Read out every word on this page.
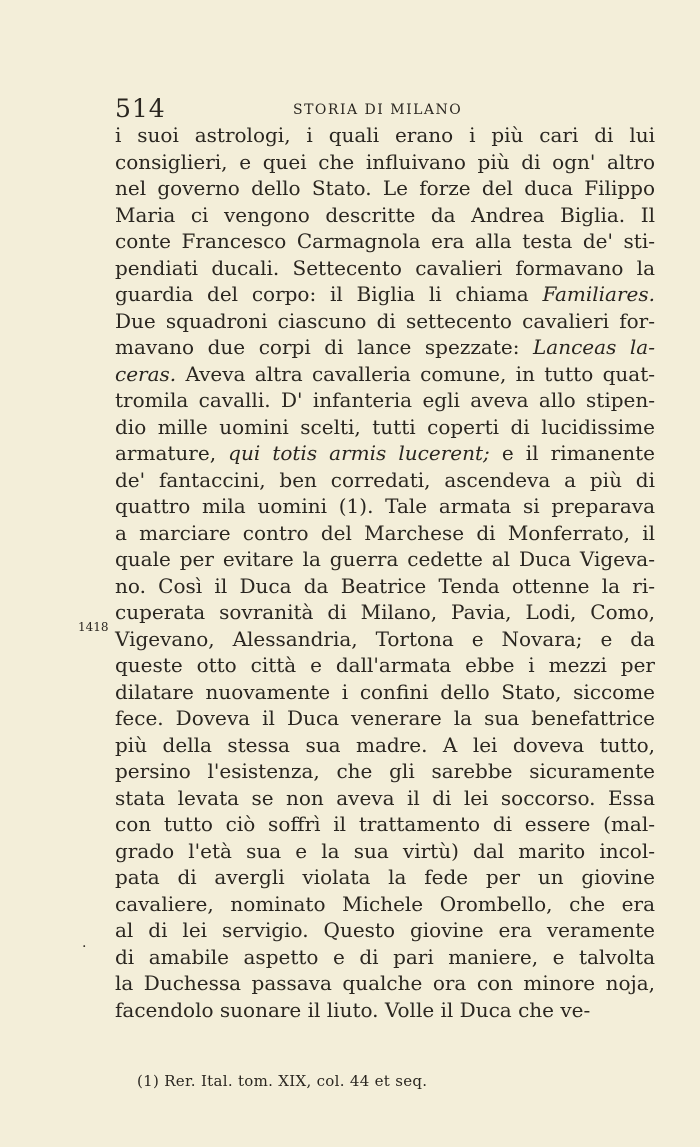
514	STORIA DI MILANO
1418
.
i suoi astrologi, i quali erano i più cari di lui
consiglieri, e quei che influivano più di ogn' altro
nel governo dello Stato. Le forze del duca Filippo
Maria ci vengono descritte da Andrea Biglia. Il
conte Francesco Carmagnola era alla testa de' sti-
pendiati ducali. Settecento cavalieri formavano la
guardia del corpo: il Biglia li chiama Familiares.
Due squadroni ciascuno di settecento cavalieri for-
mavano due corpi di lance spezzate: Lanceas la-
ceras. Aveva altra cavalleria comune, in tutto quat-
tromila cavalli. D' infanteria egli aveva allo stipen-
dio mille uomini scelti, tutti coperti di lucidissime
armature, qui totis armis lucerent; e il rimanente
de' fantaccini, ben corredati, ascendeva a più di
quattro mila uomini (1). Tale armata si preparava
a marciare contro del Marchese di Monferrato, il
quale per evitare la guerra cedette al Duca Vigeva-
no. Così il Duca da Beatrice Tenda ottenne la ri-
cuperata sovranità di Milano, Pavia, Lodi, Como,
Vigevano, Alessandria, Tortona e Novara; e da
queste otto città e dall'armata ebbe i mezzi per
dilatare nuovamente i confini dello Stato, siccome
fece. Doveva il Duca venerare la sua benefattrice
più della stessa sua madre. A lei doveva tutto,
persino l'esistenza, che gli sarebbe sicuramente
stata levata se non aveva il di lei soccorso. Essa
con tutto ciò soffrì il trattamento di essere (mal-
grado l'età sua e la sua virtù) dal marito incol-
pata di avergli violata la fede per un giovine
cavaliere, nominato Michele Orombello, che era
al di lei servigio. Questo giovine era veramente
di amabile aspetto e di pari maniere, e talvolta
la Duchessa passava qualche ora con minore noja,
facendolo suonare il liuto. Volle il Duca che ve-
(1) Rer. Ital. tom. XIX, col. 44 et seq.
